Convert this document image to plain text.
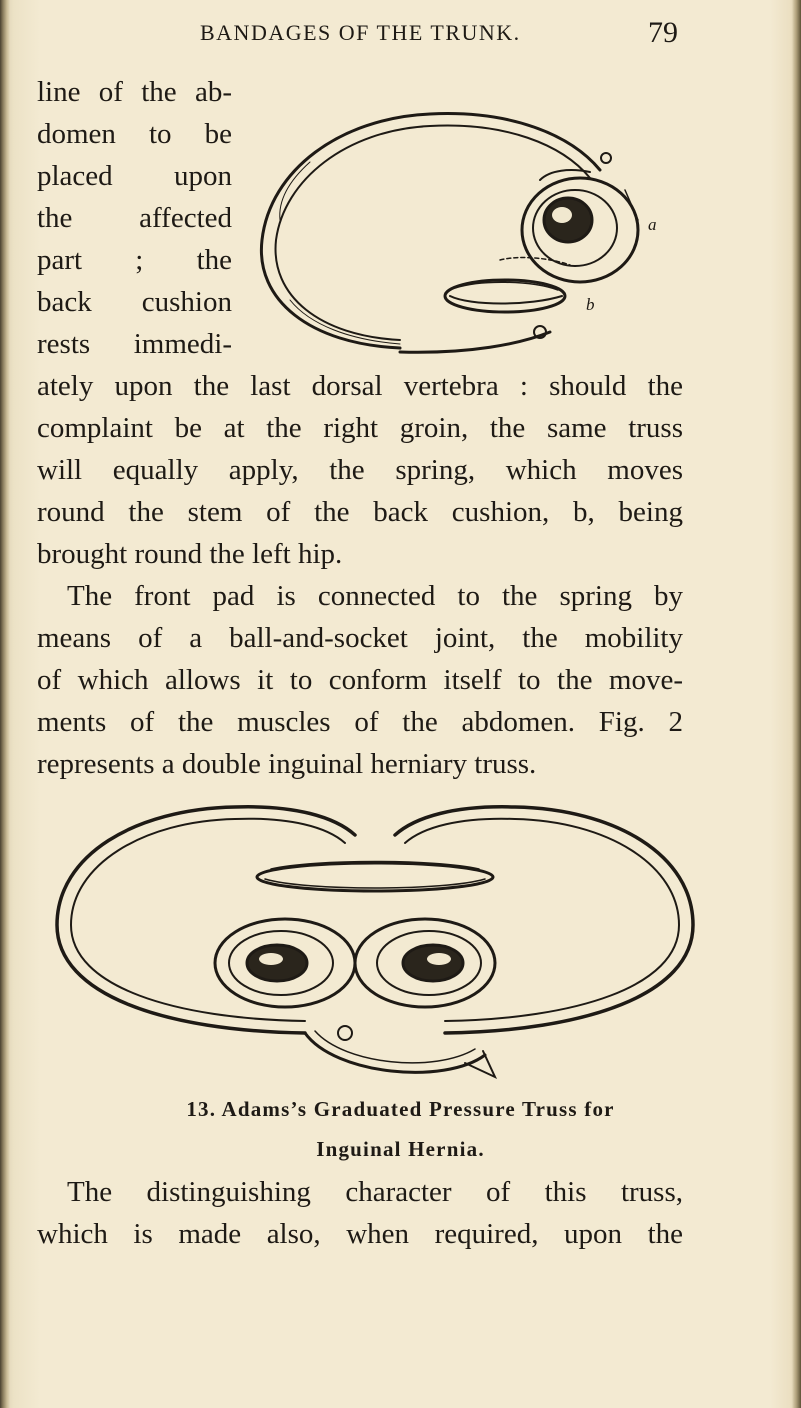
BANDAGES OF THE TRUNK.	79
line of the ab-
domen to be
placed upon
the affected
part ; the
back cushion
rests immedi-
ately upon the last dorsal vertebra : should the
complaint be at the right groin, the same truss
will equally apply, the spring, which moves
round the stem of the back cushion, b, being
brought round the left hip.
a
b
The front pad is connected to the spring by
means of a ball-and-socket joint, the mobility
of which allows it to conform itself to the move-
ments of the muscles of the abdomen. Fig. 2
represents a double inguinal herniary truss.
13. Adams’s Graduated Pressure Truss for
Inguinal Hernia.
The distinguishing character of this truss,
which is made also, when required, upon the
